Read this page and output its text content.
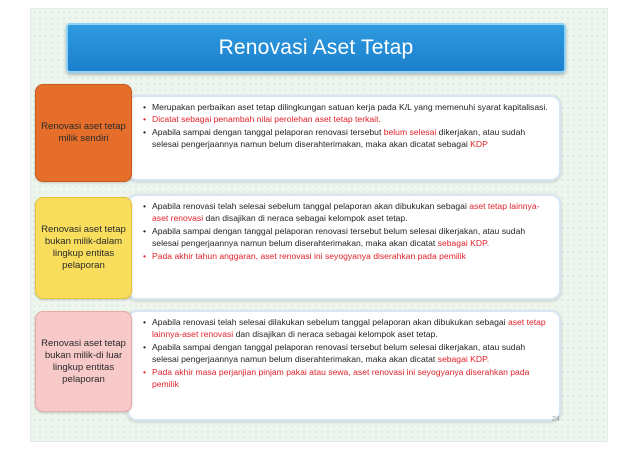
Renovasi Aset Tetap
• Merupakan perbaikan aset tetap dilingkungan satuan kerja pada K/L yang memenuhi syarat kapitalisasi.
• Dicatat sebagai penambah nilai perolehan aset tetap terkait.
• Apabila sampai dengan tanggal pelaporan renovasi tersebut belum selesai dikerjakan, atau sudah selesai pengerjaannya namun belum diserahterimakan, maka akan dicatat sebagai KDP
Renovasi aset tetap milik sendiri
• Apabila renovasi telah selesai sebelum tanggal pelaporan akan dibukukan sebagai aset tetap lainnya-aset renovasi dan disajikan di neraca sebagai kelompok aset tetap.
• Apabila sampai dengan tanggal pelaporan renovasi tersebut belum selesai dikerjakan, atau sudah selesai pengerjaannya namun belum diserahterimakan, maka akan dicatat sebagai KDP.
• Pada akhir tahun anggaran, aset renovasi ini seyogyanya diserahkan pada pemilik
Renovasi aset tetap bukan milik-dalam lingkup entitas pelaporan
• Apabila renovasi telah selesai dilakukan sebelum tanggal pelaporan akan dibukukan sebagai aset tetap lainnya-aset renovasi dan disajikan di neraca sebagai kelompok aset tetap.
• Apabila sampai dengan tanggal pelaporan renovasi tersebut belum selesai dikerjakan, atau sudah selesai pengerjaannya namun belum diserahterimakan, maka akan dicatat sebagai KDP.
• Pada akhir masa perjanjian pinjam pakai atau sewa, aset renovasi ini seyogyanya diserahkan pada pemilik
Renovasi aset tetap bukan milik-di luar lingkup entitas pelaporan
24
